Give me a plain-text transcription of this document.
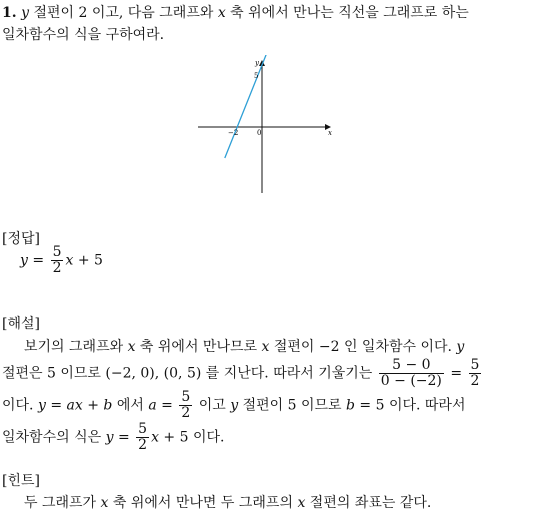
1. y 절편이 2 이고, 다음 그래프와 x 축 위에서 만나는 직선을 그래프로 하는
일차함수의 식을 구하여라.
y
x
5
−2	0
[정답]
$y = \frac{5}{2}$ x + 5
[해설]
보기의 그래프와 x 축 위에서 만나므로 x 절편이 −2 인 일차함수 이다. y
절편은 5 이므로 (−2, 0), (0, 5) 를 지난다. 따라서 기울기는 $\frac{5 - 0}{0 - (-2)} = \frac{5}{2}$
이다. y = ax + b 에서 $a = \frac{5}{2}$ 이고 y 절편이 5 이므로 b = 5 이다. 따라서
일차함수의 식은 $y = \frac{5}{2}$ x + 5 이다.
[힌트]
두 그래프가 x 축 위에서 만나면 두 그래프의 x 절편의 좌표는 같다.
